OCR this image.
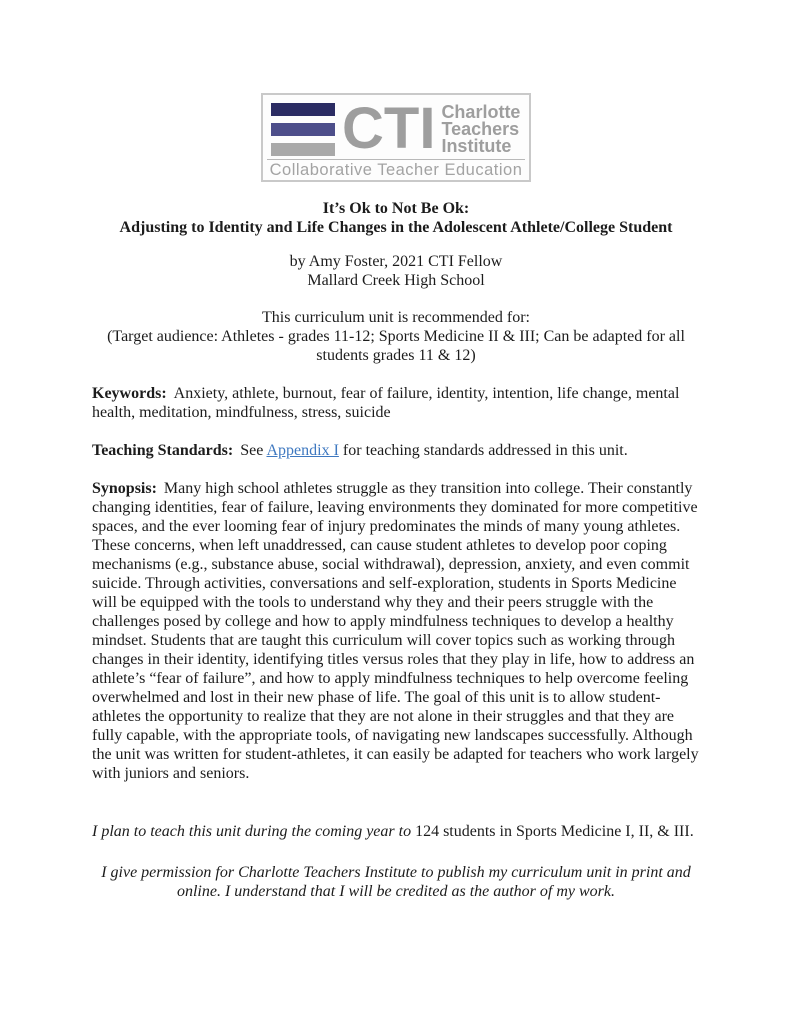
CTI Charlotte
Teachers
Institute
Collaborative Teacher Education
It’s Ok to Not Be Ok:
Adjusting to Identity and Life Changes in the Adolescent Athlete/College Student
by Amy Foster, 2021 CTI Fellow
Mallard Creek High School
This curriculum unit is recommended for:
(Target audience: Athletes - grades 11-12; Sports Medicine II & III; Can be adapted for all students grades 11 & 12)
Keywords: Anxiety, athlete, burnout, fear of failure, identity, intention, life change, mental health, meditation, mindfulness, stress, suicide
Teaching Standards: See Appendix I for teaching standards addressed in this unit.
Synopsis: Many high school athletes struggle as they transition into college. Their constantly changing identities, fear of failure, leaving environments they dominated for more competitive spaces, and the ever looming fear of injury predominates the minds of many young athletes. These concerns, when left unaddressed, can cause student athletes to develop poor coping mechanisms (e.g., substance abuse, social withdrawal), depression, anxiety, and even commit suicide. Through activities, conversations and self-exploration, students in Sports Medicine will be equipped with the tools to understand why they and their peers struggle with the challenges posed by college and how to apply mindfulness techniques to develop a healthy mindset. Students that are taught this curriculum will cover topics such as working through changes in their identity, identifying titles versus roles that they play in life, how to address an athlete’s “fear of failure”, and how to apply mindfulness techniques to help overcome feeling overwhelmed and lost in their new phase of life. The goal of this unit is to allow student-athletes the opportunity to realize that they are not alone in their struggles and that they are fully capable, with the appropriate tools, of navigating new landscapes successfully. Although the unit was written for student-athletes, it can easily be adapted for teachers who work largely with juniors and seniors.
I plan to teach this unit during the coming year to 124 students in Sports Medicine I, II, & III.
I give permission for Charlotte Teachers Institute to publish my curriculum unit in print and online. I understand that I will be credited as the author of my work.
